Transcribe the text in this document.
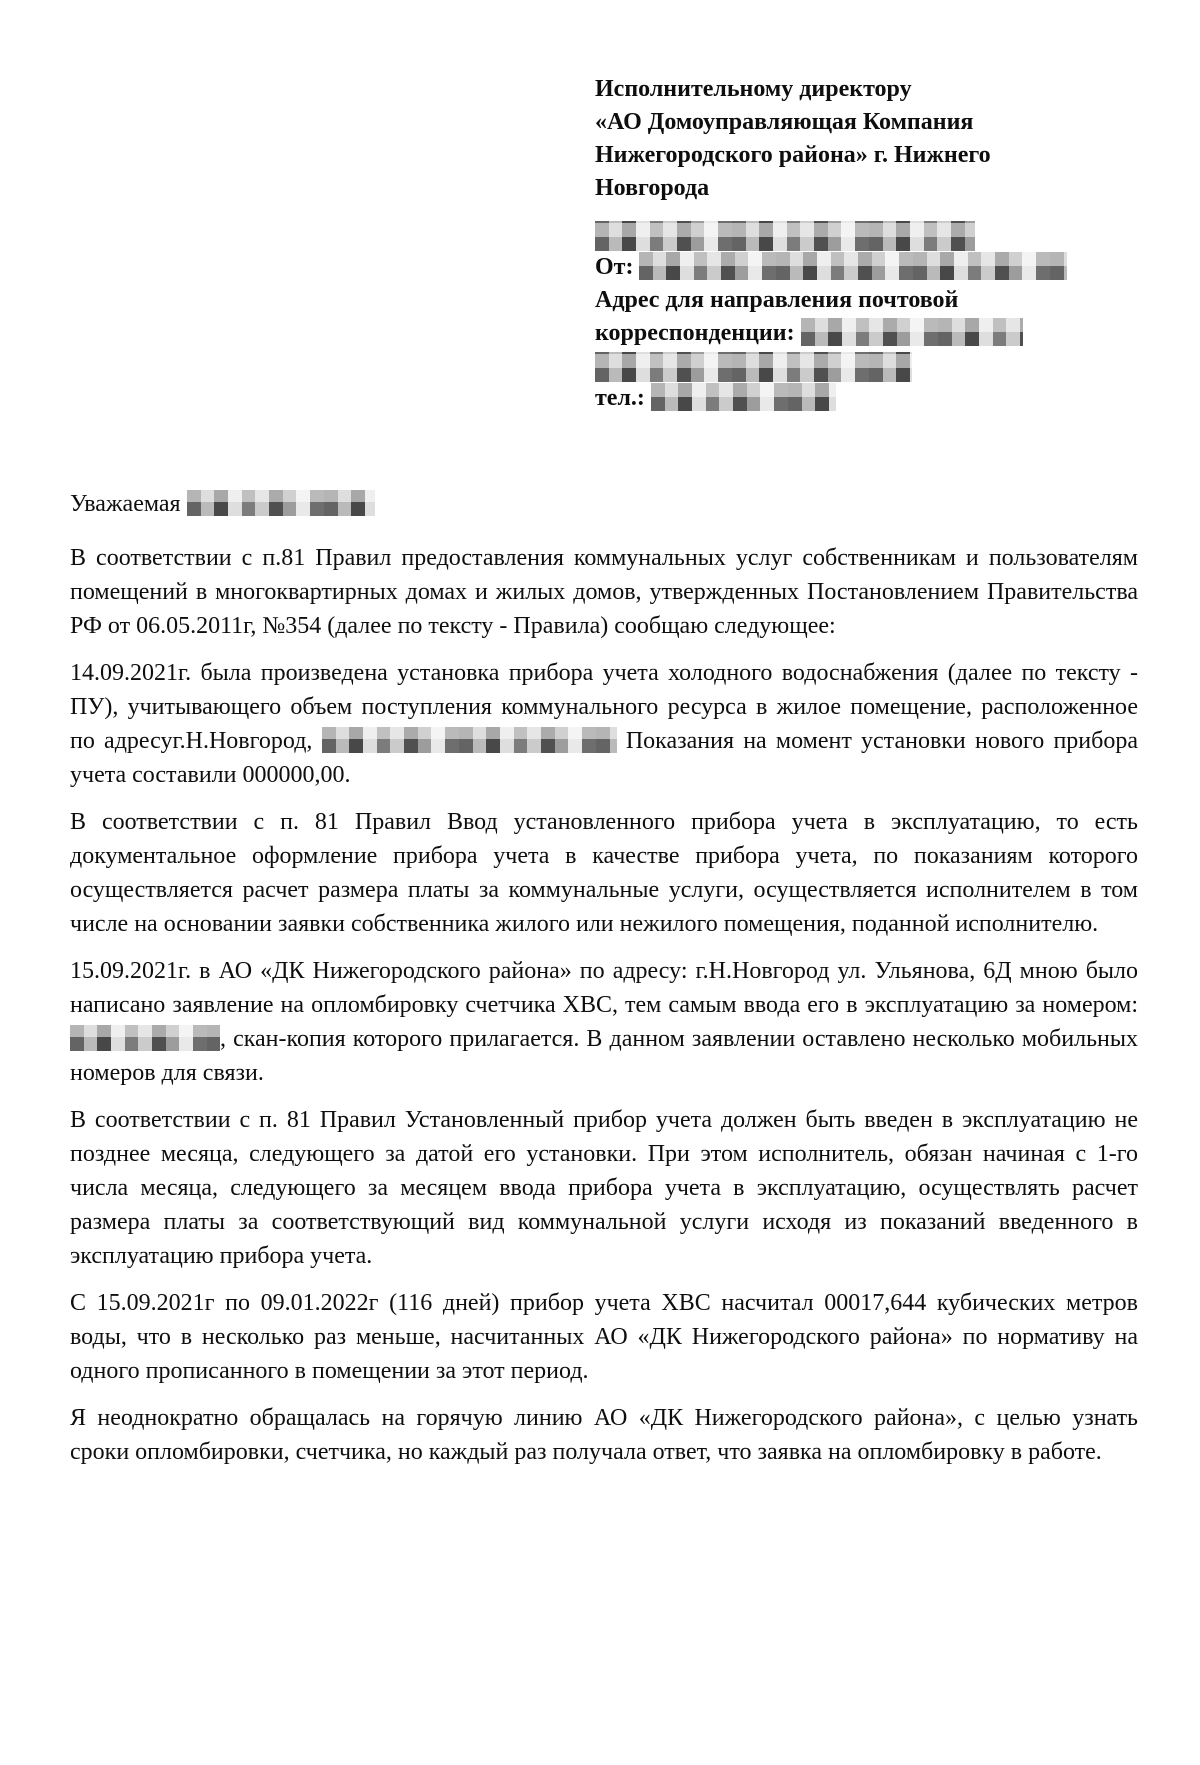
Исполнительному директору

«АО Домоуправляющая Компания Нижегородского района» г. Нижнего Новгорода

От:

Адрес для направления почтовой

корреспонденции:

тел.:

Уважаемая

В соответствии с п.81 Правил предоставления коммунальных услуг собственникам и пользователям помещений в многоквартирных домах и жилых домов, утвержденных Постановлением Правительства РФ от 06.05.2011г, №354 (далее по тексту - Правила) сообщаю следующее:

14.09.2021г. была произведена установка прибора учета холодного водоснабжения (далее по тексту - ПУ), учитывающего объем поступления коммунального ресурса в жилое помещение, расположенное по адресуг.Н.Новгород,	Показания на момент установки нового прибора учета составили 000000,00.

В соответствии с п. 81 Правил Ввод установленного прибора учета в эксплуатацию, то есть документальное оформление прибора учета в качестве прибора учета, по показаниям которого осуществляется расчет размера платы за коммунальные услуги, осуществляется исполнителем в том числе на основании заявки собственника жилого или нежилого помещения, поданной исполнителю.

15.09.2021г. в АО «ДК Нижегородского района» по адресу: г.Н.Новгород ул. Ульянова, 6Д мною было написано заявление на опломбировку счетчика ХВС, тем самым ввода его в эксплуатацию за номером: , скан-копия которого прилагается. В данном заявлении оставлено несколько мобильных номеров для связи.

В соответствии с п. 81 Правил Установленный прибор учета должен быть введен в эксплуатацию не позднее месяца, следующего за датой его установки. При этом исполнитель, обязан начиная с 1-го числа месяца, следующего за месяцем ввода прибора учета в эксплуатацию, осуществлять расчет размера платы за соответствующий вид коммунальной услуги исходя из показаний введенного в эксплуатацию прибора учета.

С 15.09.2021г по 09.01.2022г (116 дней) прибор учета ХВС насчитал 00017,644 кубических метров воды, что в несколько раз меньше, насчитанных АО «ДК Нижегородского района» по нормативу на одного прописанного в помещении за этот период.

Я неоднократно обращалась на горячую линию АО «ДК Нижегородского района», с целью узнать сроки опломбировки, счетчика, но каждый раз получала ответ, что заявка на опломбировку в работе.
